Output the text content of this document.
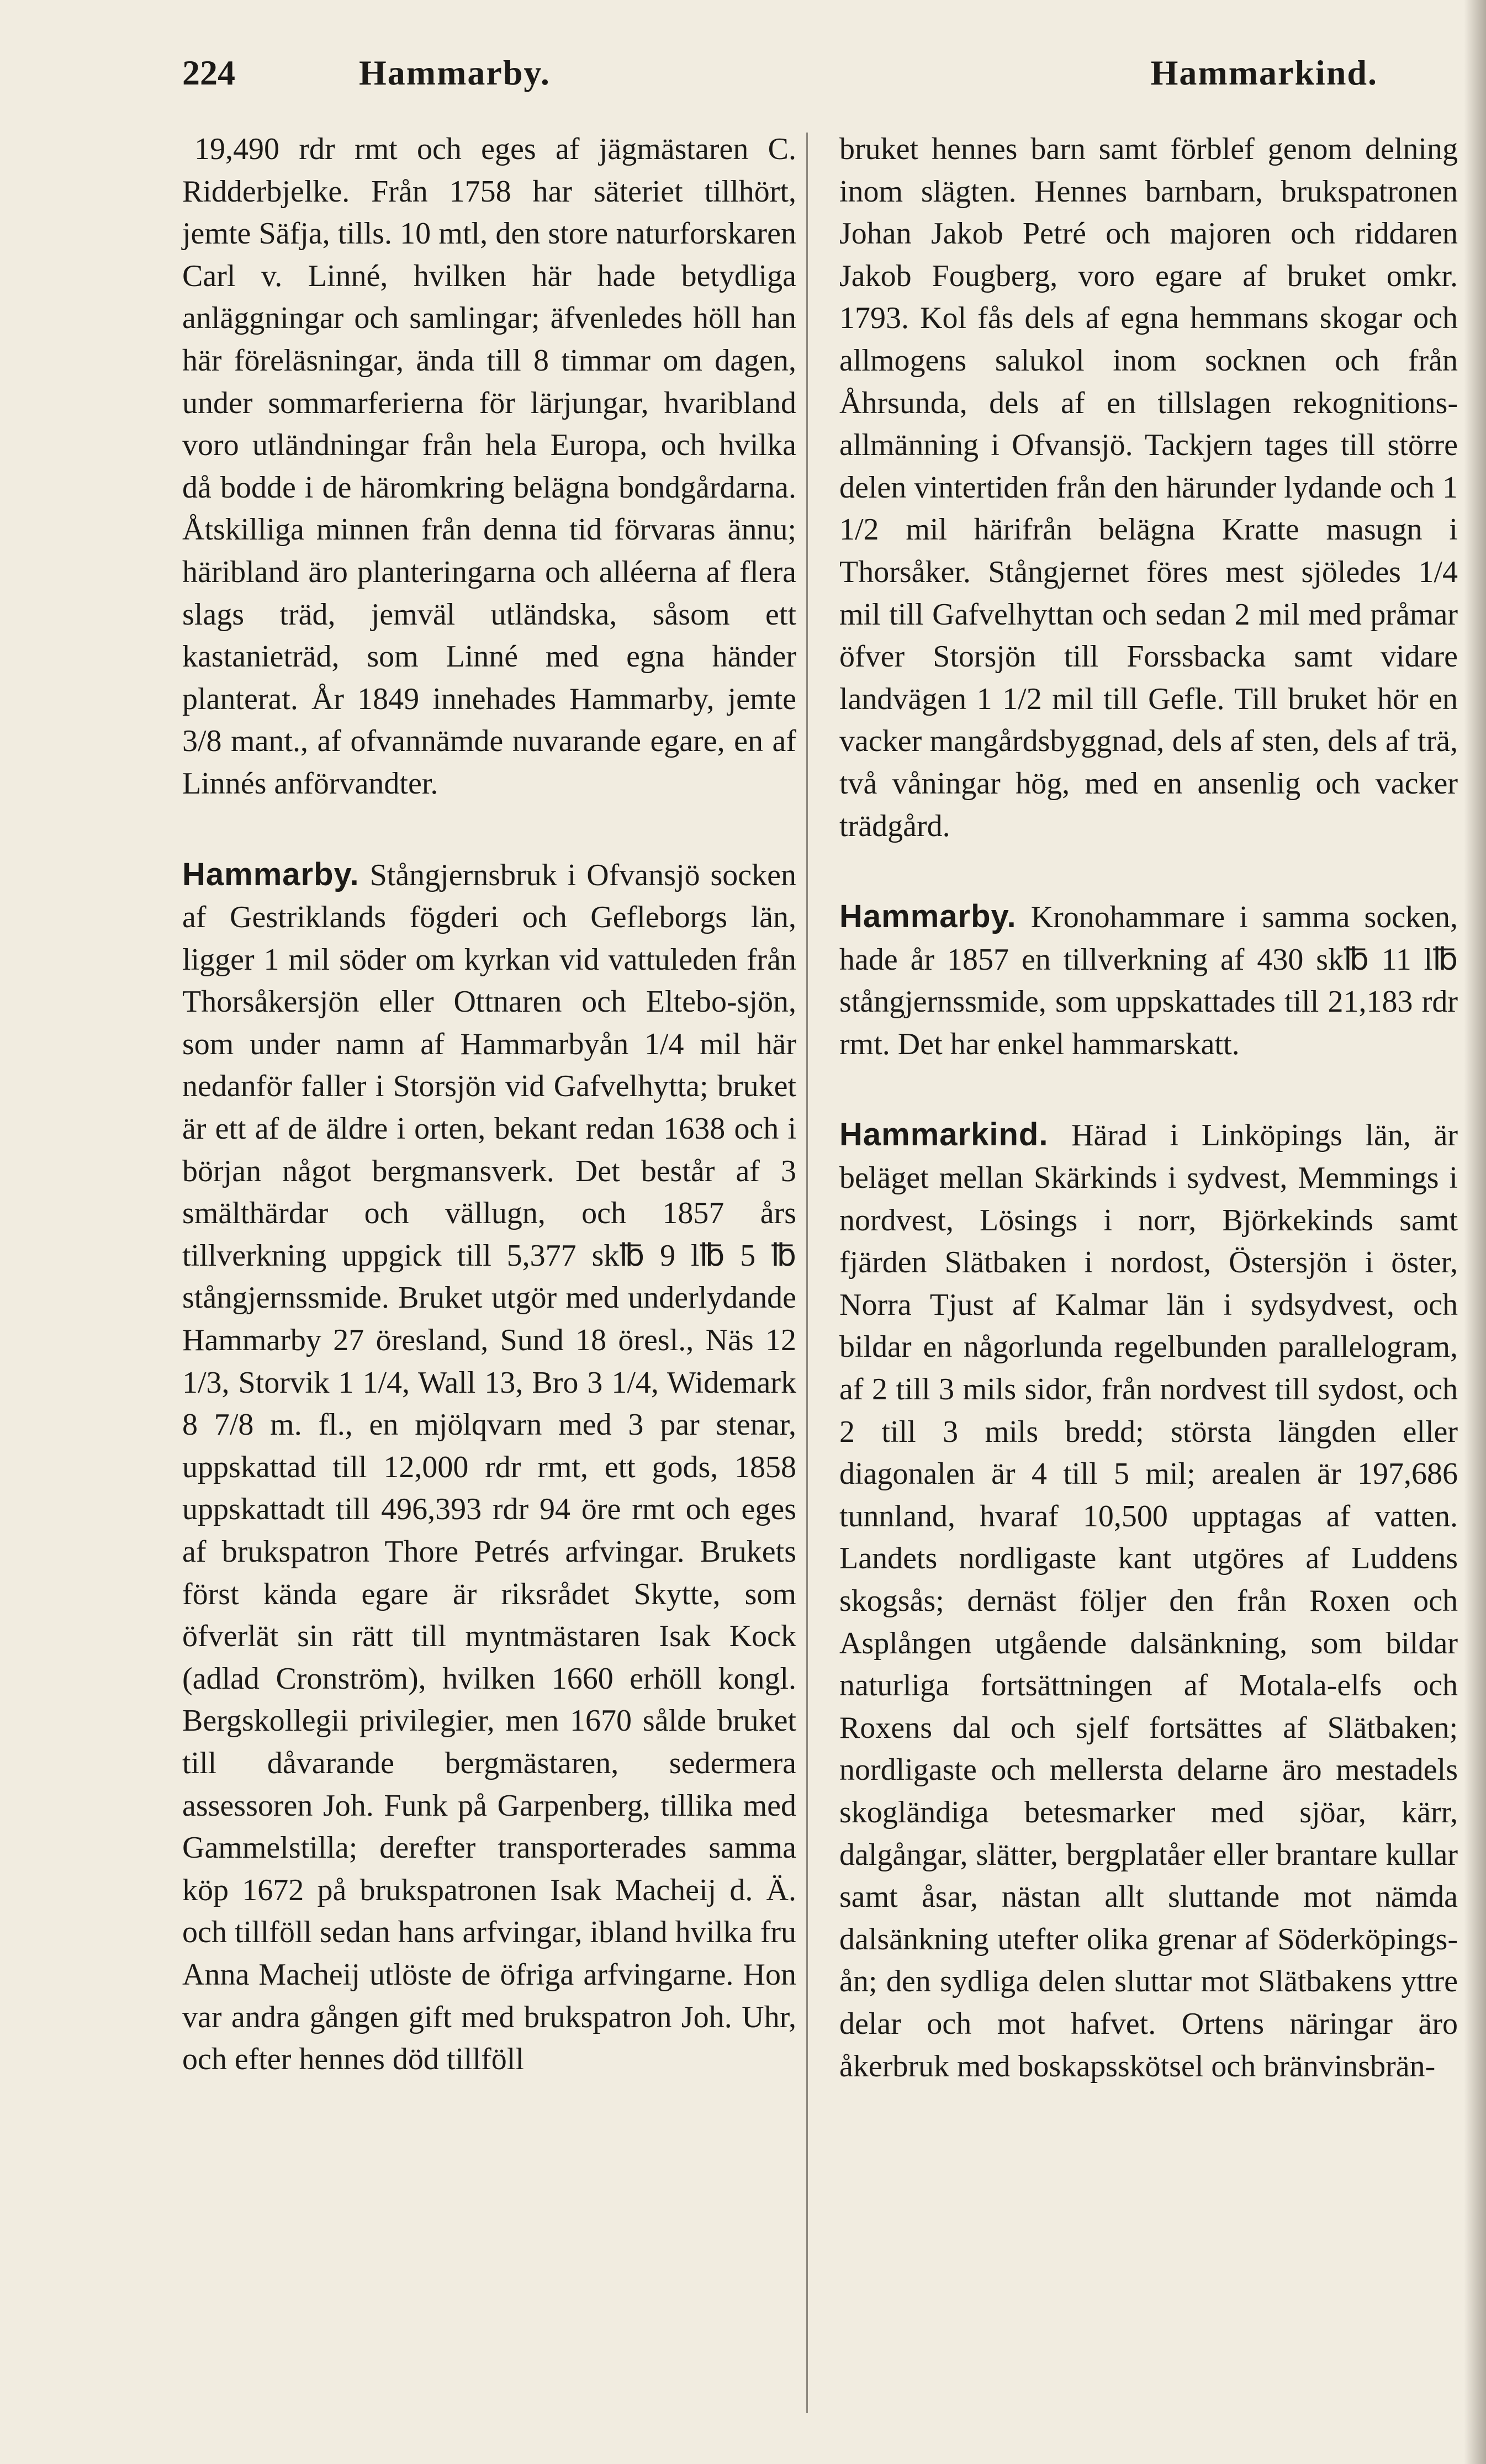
224	Hammarby.	Hammarkind.

19,490 rdr rmt och eges af jägmästaren C. Ridderbjelke. Från 1758 har säteriet tillhört, jemte Säfja, tills. 10 mtl, den store naturforskaren Carl v. Linné, hvilken här hade betydliga anläggningar och samlingar; äfvenledes höll han här föreläsningar, ända till 8 timmar om dagen, under sommarferierna för lärjungar, hvaribland voro utländningar från hela Europa, och hvilka då bodde i de häromkring belägna bondgårdarna. Åtskilliga minnen från denna tid förvaras ännu; häribland äro planteringarna och alléerna af flera slags träd, jemväl utländska, såsom ett kastanieträd, som Linné med egna händer planterat. År 1849 innehades Hammarby, jemte 3/8 mant., af ofvannämde nuvarande egare, en af Linnés anförvandter.

Hammarby. Stångjernsbruk i Ofvansjö socken af Gestriklands fögderi och Gefleborgs län, ligger 1 mil söder om kyrkan vid vattuleden från Thorsåkersjön eller Ottnaren och Eltebo-sjön, som under namn af Hammarbyån 1/4 mil här nedanför faller i Storsjön vid Gafvelhytta; bruket är ett af de äldre i orten, bekant redan 1638 och i början något bergmansverk. Det består af 3 smälthärdar och vällugn, och 1857 års tillverkning uppgick till 5,377 sk℔ 9 l℔ 5 ℔ stångjernssmide. Bruket utgör med underlydande Hammarby 27 öresland, Sund 18 öresl., Näs 12 1/3, Storvik 1 1/4, Wall 13, Bro 3 1/4, Widemark 8 7/8 m. fl., en mjölqvarn med 3 par stenar, uppskattad till 12,000 rdr rmt, ett gods, 1858 uppskattadt till 496,393 rdr 94 öre rmt och eges af brukspatron Thore Petrés arfvingar. Brukets först kända egare är riksrådet Skytte, som öfverlät sin rätt till myntmästaren Isak Kock (adlad Cronström), hvilken 1660 erhöll kongl. Bergskollegii privilegier, men 1670 sålde bruket till dåvarande bergmästaren, sedermera assessoren Joh. Funk på Garpenberg, tillika med Gammelstilla; derefter transporterades samma köp 1672 på brukspatronen Isak Macheij d. Ä. och tillföll sedan hans arfvingar, ibland hvilka fru Anna Macheij utlöste de öfriga arfvingarne. Hon var andra gången gift med brukspatron Joh. Uhr, och efter hennes död tillföll

bruket hennes barn samt förblef genom delning inom slägten. Hennes barnbarn, brukspatronen Johan Jakob Petré och majoren och riddaren Jakob Fougberg, voro egare af bruket omkr. 1793. Kol fås dels af egna hemmans skogar och allmogens salukol inom socknen och från Åhrsunda, dels af en tillslagen rekognitions-allmänning i Ofvansjö. Tackjern tages till större delen vintertiden från den härunder lydande och 1 1/2 mil härifrån belägna Kratte masugn i Thorsåker. Stångjernet föres mest sjöledes 1/4 mil till Gafvelhyttan och sedan 2 mil med pråmar öfver Storsjön till Forssbacka samt vidare landvägen 1 1/2 mil till Gefle. Till bruket hör en vacker mangårdsbyggnad, dels af sten, dels af trä, två våningar hög, med en ansenlig och vacker trädgård.

Hammarby. Kronohammare i samma socken, hade år 1857 en tillverkning af 430 sk℔ 11 l℔ stångjernssmide, som uppskattades till 21,183 rdr rmt. Det har enkel hammarskatt.

Hammarkind. Härad i Linköpings län, är beläget mellan Skärkinds i sydvest, Memmings i nordvest, Lösings i norr, Björkekinds samt fjärden Slätbaken i nordost, Östersjön i öster, Norra Tjust af Kalmar län i sydsydvest, och bildar en någorlunda regelbunden parallelogram, af 2 till 3 mils sidor, från nordvest till sydost, och 2 till 3 mils bredd; största längden eller diagonalen är 4 till 5 mil; arealen är 197,686 tunnland, hvaraf 10,500 upptagas af vatten. Landets nordligaste kant utgöres af Luddens skogsås; dernäst följer den från Roxen och Asplången utgående dalsänkning, som bildar naturliga fortsättningen af Motala-elfs och Roxens dal och sjelf fortsättes af Slätbaken; nordligaste och mellersta delarne äro mestadels skogländiga betesmarker med sjöar, kärr, dalgångar, slätter, bergplatåer eller brantare kullar samt åsar, nästan allt sluttande mot nämda dalsänkning utefter olika grenar af Söderköpings-ån; den sydliga delen sluttar mot Slätbakens yttre delar och mot hafvet. Ortens näringar äro åkerbruk med boskapsskötsel och bränvinsbrän-
